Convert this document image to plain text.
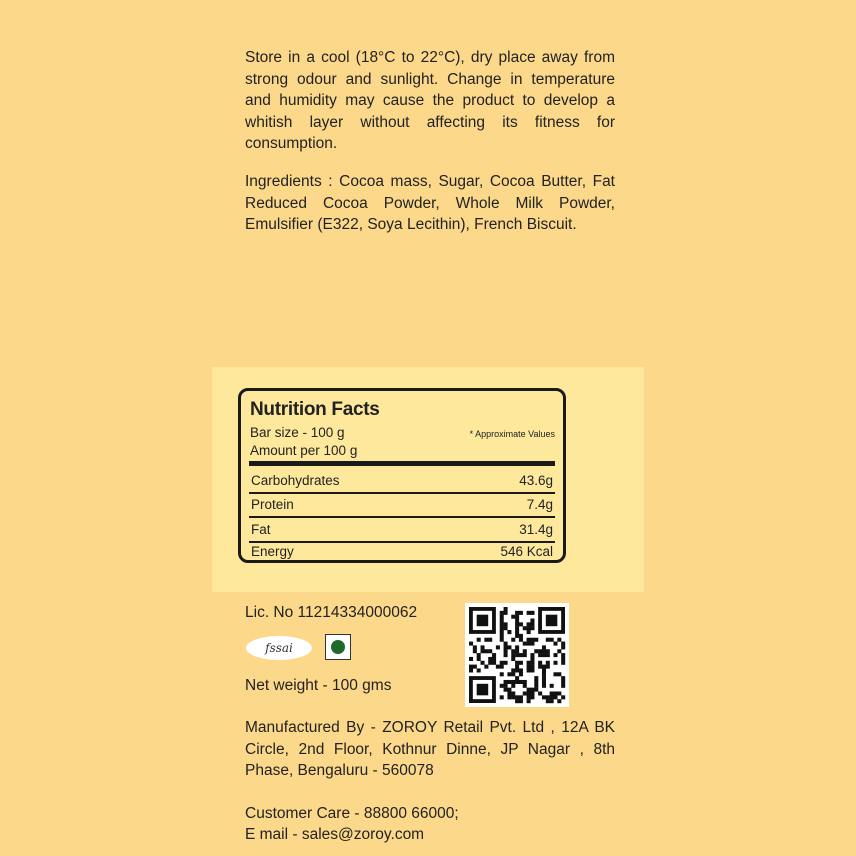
Store in a cool (18°C to 22°C), dry place away from strong odour and sunlight. Change in temperature and humidity may cause the product to develop a whitish layer without affecting its fitness for consumption.

Ingredients : Cocoa mass, Sugar, Cocoa Butter, Fat Reduced Cocoa Powder, Whole Milk Powder, Emulsifier (E322, Soya Lecithin), French Biscuit.

Nutrition Facts
Bar size - 100 g
Amount per 100 g
* Approximate Values
Carbohydrates	43.6g
Protein	7.4g
Fat	31.4g
Energy	546 Kcal
Lic. No 11214334000062
fssai
Net weight - 100 gms

Manufactured By - ZOROY Retail Pvt. Ltd , 12A BK Circle, 2nd Floor, Kothnur Dinne, JP Nagar , 8th Phase, Bengaluru - 560078

Customer Care - 88800 66000;
E mail - sales@zoroy.com
